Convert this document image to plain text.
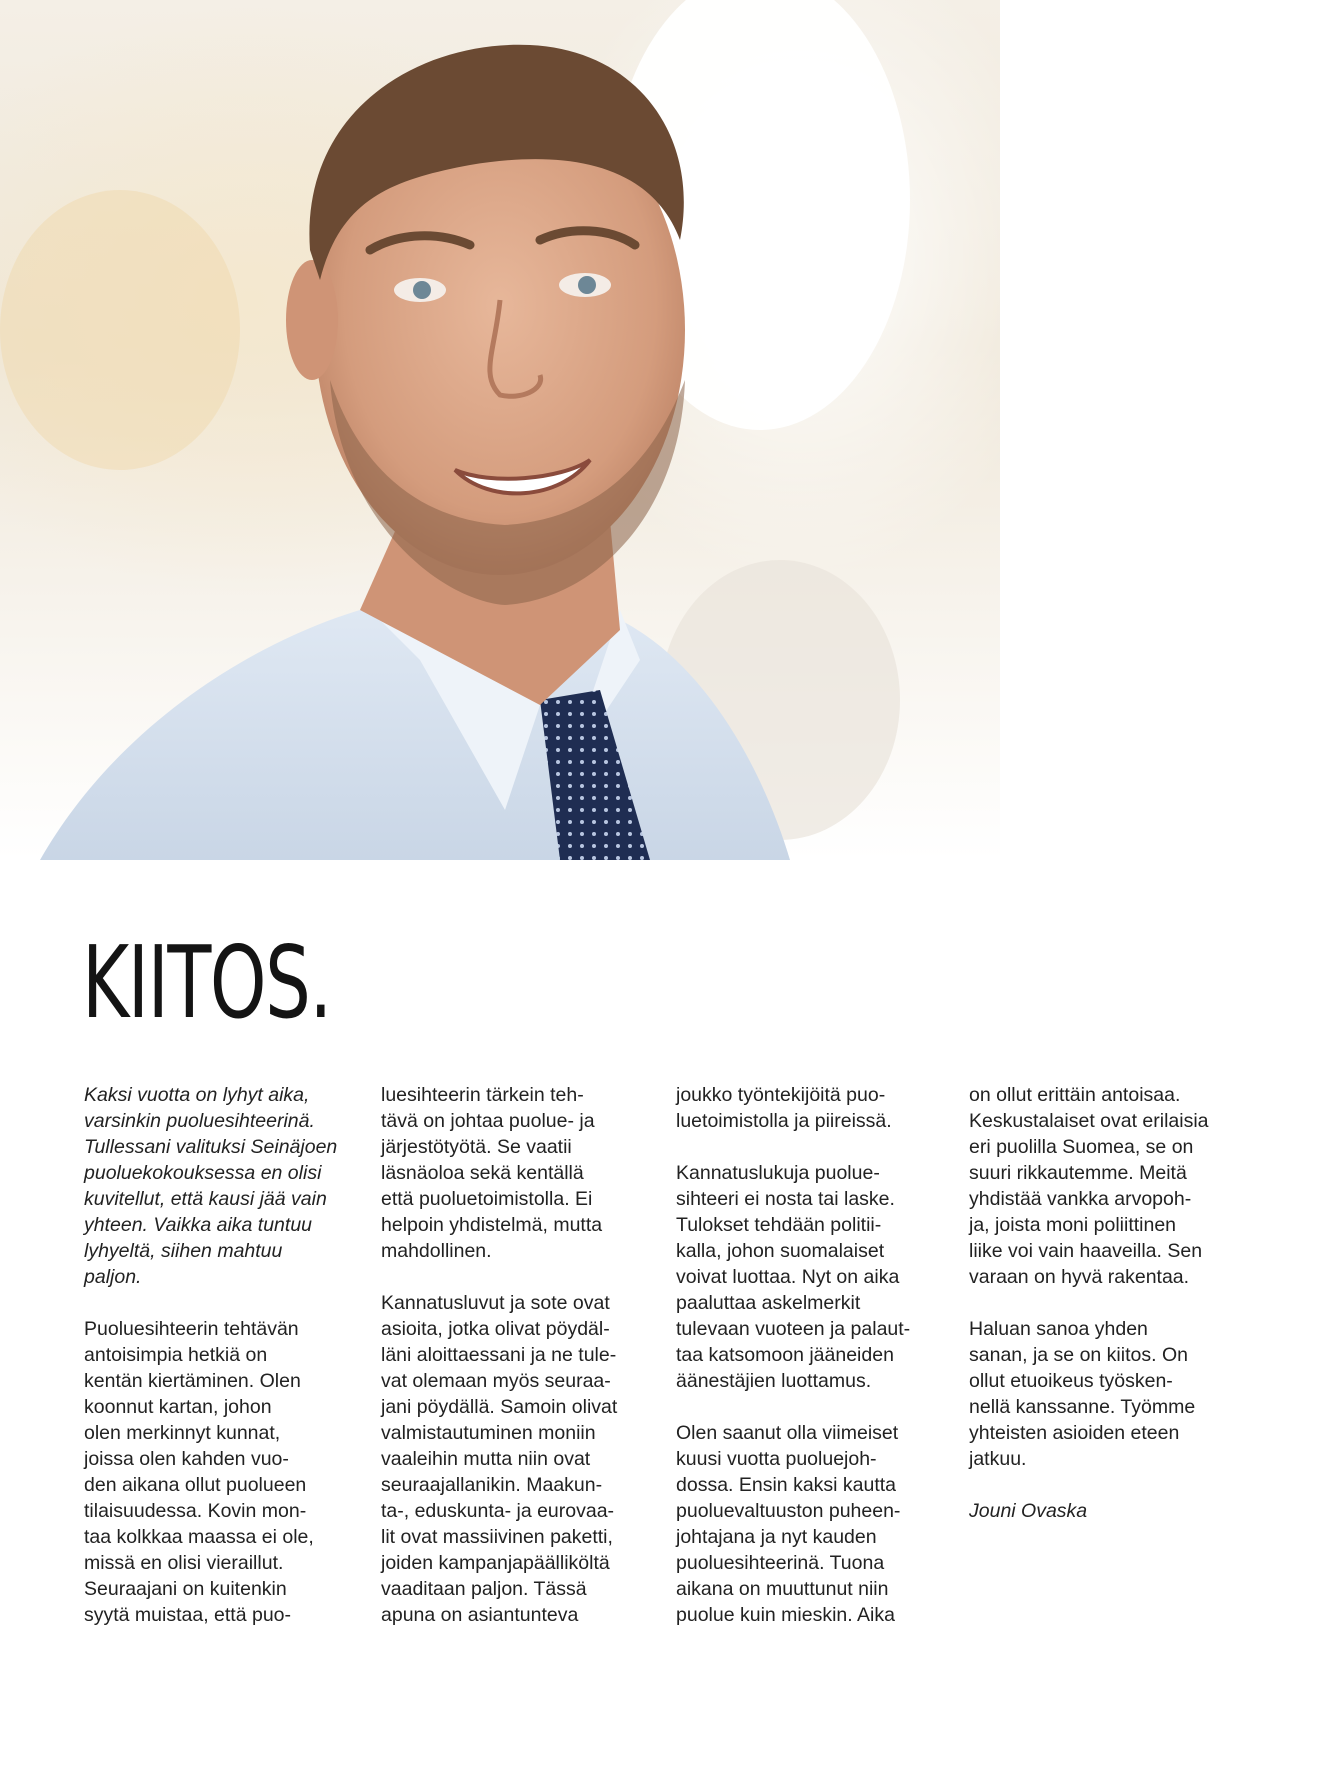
KIITOS.

Kaksi vuotta on lyhyt aika,
varsinkin puoluesihteerinä.
Tullessani valituksi Seinäjoen
puoluekokouksessa en olisi
kuvitellut, että kausi jää vain
yhteen. Vaikka aika tuntuu
lyhyeltä, siihen mahtuu
paljon.

Puoluesihteerin tehtävän
antoisimpia hetkiä on
kentän kiertäminen. Olen
koonnut kartan, johon
olen merkinnyt kunnat,
joissa olen kahden vuo-
den aikana ollut puolueen
tilaisuudessa. Kovin mon-
taa kolkkaa maassa ei ole,
missä en olisi vieraillut.
Seuraajani on kuitenkin
syytä muistaa, että puo-

luesihteerin tärkein teh-
tävä on johtaa puolue- ja
järjestötyötä. Se vaatii
läsnäoloa sekä kentällä
että puoluetoimistolla. Ei
helpoin yhdistelmä, mutta
mahdollinen.

Kannatusluvut ja sote ovat
asioita, jotka olivat pöydäl-
läni aloittaessani ja ne tule-
vat olemaan myös seuraa-
jani pöydällä. Samoin olivat
valmistautuminen moniin
vaaleihin mutta niin ovat
seuraajallanikin. Maakun-
ta-, eduskunta- ja eurovaa-
lit ovat massiivinen paketti,
joiden kampanjapäälliköltä
vaaditaan paljon. Tässä
apuna on asiantunteva

joukko työntekijöitä puo-
luetoimistolla ja piireissä.

Kannatuslukuja puolue-
sihteeri ei nosta tai laske.
Tulokset tehdään politii-
kalla, johon suomalaiset
voivat luottaa. Nyt on aika
paaluttaa askelmerkit
tulevaan vuoteen ja palaut-
taa katsomoon jääneiden
äänestäjien luottamus.

Olen saanut olla viimeiset
kuusi vuotta puoluejoh-
dossa. Ensin kaksi kautta
puoluevaltuuston puheen-
johtajana ja nyt kauden
puoluesihteerinä. Tuona
aikana on muuttunut niin
puolue kuin mieskin. Aika

on ollut erittäin antoisaa.
Keskustalaiset ovat erilaisia
eri puolilla Suomea, se on
suuri rikkautemme. Meitä
yhdistää vankka arvopoh-
ja, joista moni poliittinen
liike voi vain haaveilla. Sen
varaan on hyvä rakentaa.

Haluan sanoa yhden
sanan, ja se on kiitos. On
ollut etuoikeus työsken-
nellä kanssanne. Työmme
yhteisten asioiden eteen
jatkuu.

Jouni Ovaska
